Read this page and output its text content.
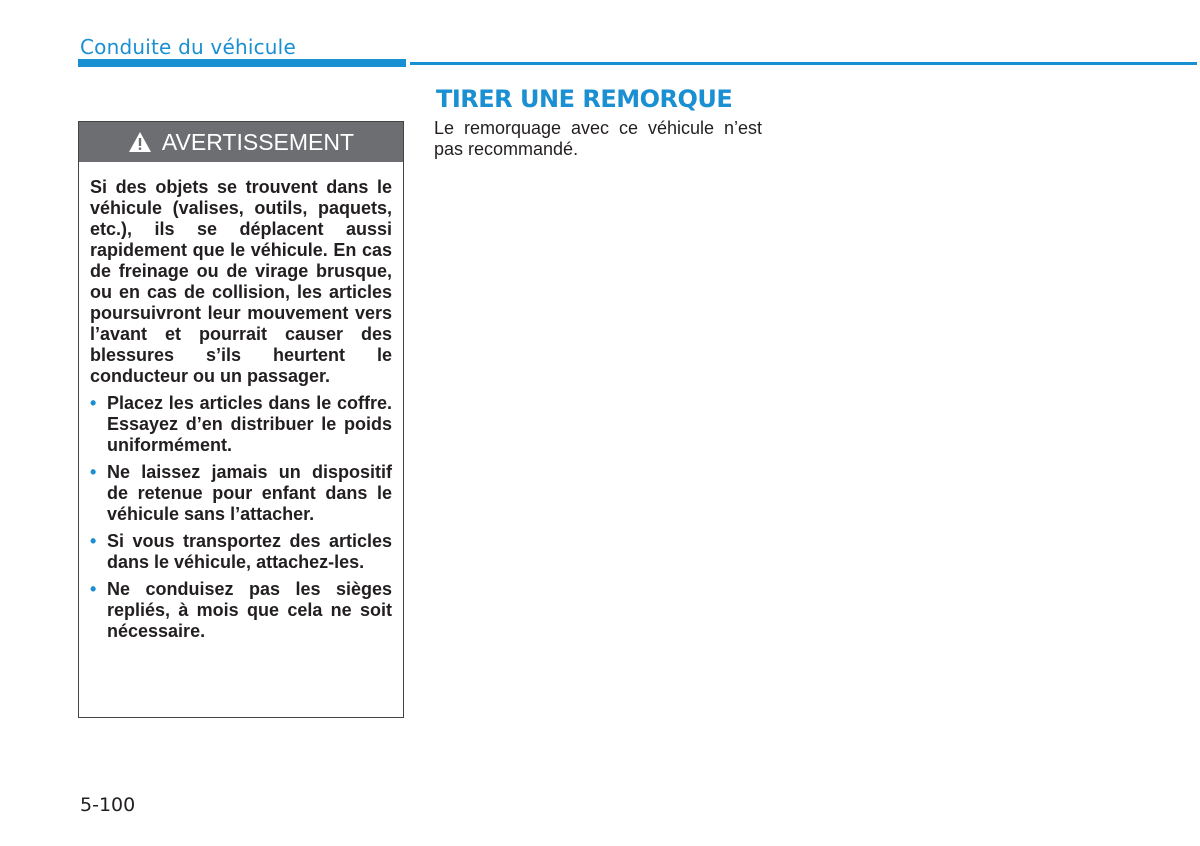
Conduite du véhicule
AVERTISSEMENT

Si des objets se trouvent dans le véhicule (valises, outils, paquets, etc.), ils se déplacent aussi rapidement que le véhicule. En cas de freinage ou de virage brusque, ou en cas de collision, les articles poursuivront leur mouvement vers l’avant et pourrait causer des blessures s’ils heurtent le conducteur ou un passager.

• Placez les articles dans le coffre. Essayez d’en distribuer le poids uniformément.
• Ne laissez jamais un dispositif de retenue pour enfant dans le véhicule sans l’attacher.
• Si vous transportez des articles dans le véhicule, attachez-les.
• Ne conduisez pas les sièges repliés, à mois que cela ne soit nécessaire.
TIRER UNE REMORQUE
Le remorquage avec ce véhicule n’est pas recommandé.
5-100
